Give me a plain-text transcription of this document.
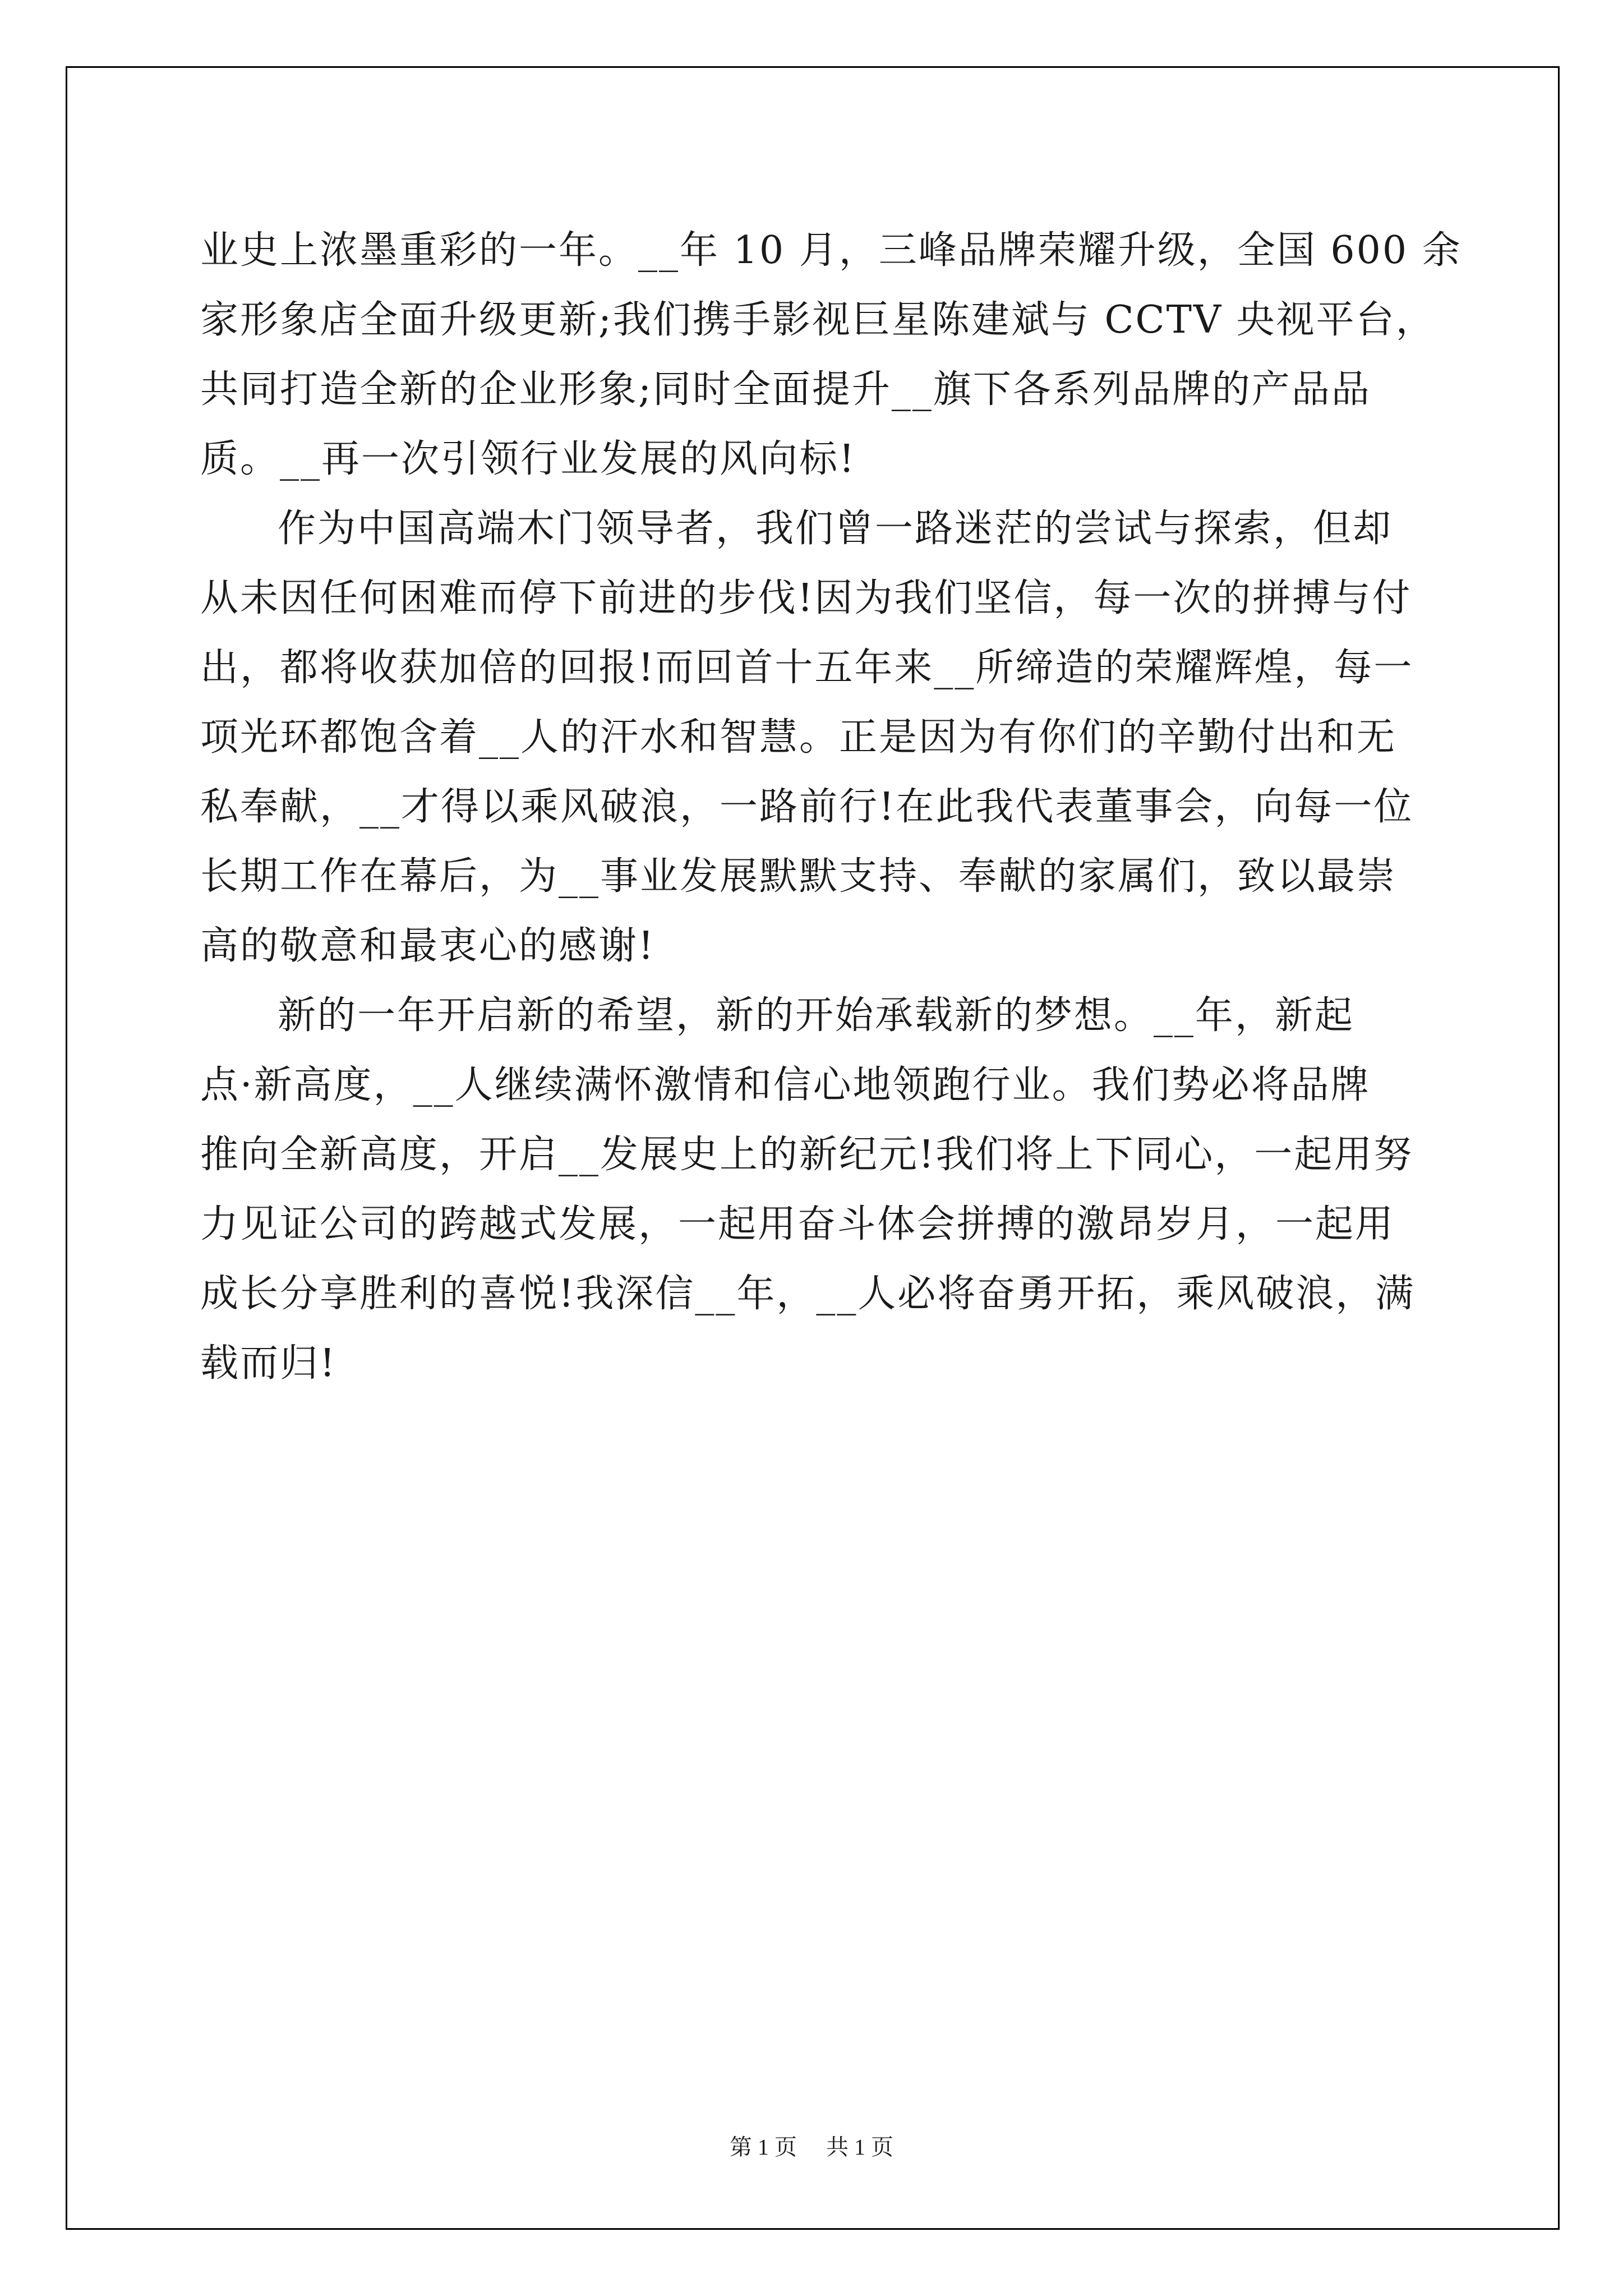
业史上浓墨重彩的一年。__年 10 月，三峰品牌荣耀升级，全国 600 余
家形象店全面升级更新;我们携手影视巨星陈建斌与 CCTV 央视平台，
共同打造全新的企业形象;同时全面提升__旗下各系列品牌的产品品
质。__再一次引领行业发展的风向标!
作为中国高端木门领导者，我们曾一路迷茫的尝试与探索，但却
从未因任何困难而停下前进的步伐!因为我们坚信，每一次的拼搏与付
出，都将收获加倍的回报!而回首十五年来__所缔造的荣耀辉煌，每一
项光环都饱含着__人的汗水和智慧。正是因为有你们的辛勤付出和无
私奉献，__才得以乘风破浪，一路前行!在此我代表董事会，向每一位
长期工作在幕后，为__事业发展默默支持、奉献的家属们，致以最崇
高的敬意和最衷心的感谢!
新的一年开启新的希望，新的开始承载新的梦想。__年，新起
点·新高度，__人继续满怀激情和信心地领跑行业。我们势必将品牌
推向全新高度，开启__发展史上的新纪元!我们将上下同心，一起用努
力见证公司的跨越式发展，一起用奋斗体会拼搏的激昂岁月，一起用
成长分享胜利的喜悦!我深信__年，__人必将奋勇开拓，乘风破浪，满
载而归!
第 1 页 共 1 页
